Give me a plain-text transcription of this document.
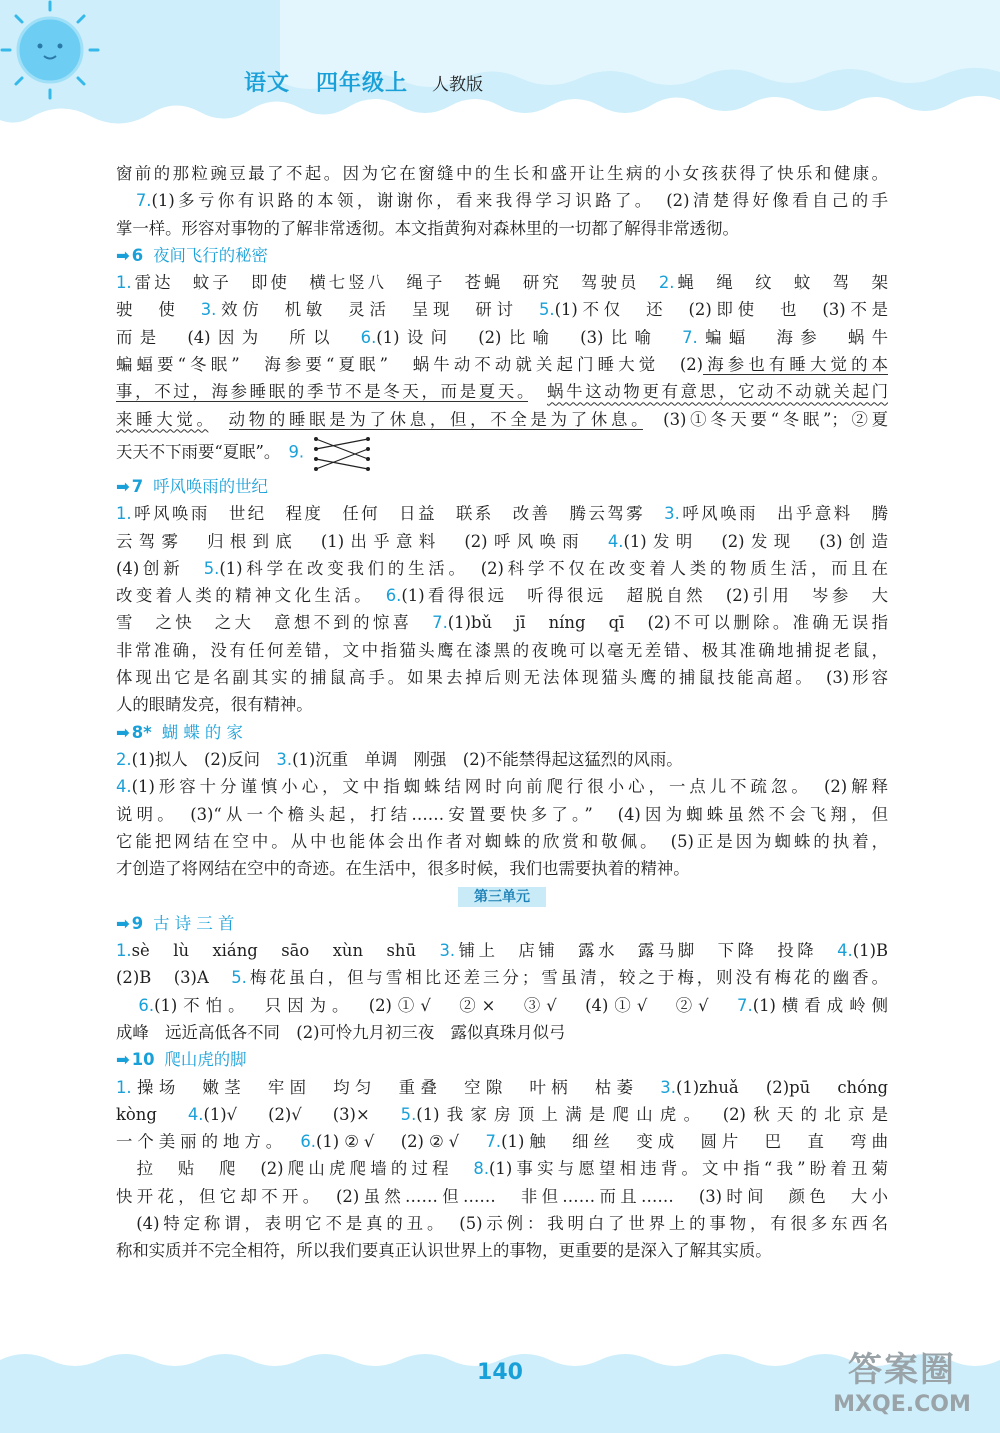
语文 四年级上 人教版

窗前的那粒豌豆最了不起。因为它在窗缝中的生长和盛开让生病的小女孩获得了快乐和健康。

　7.(1)多亏你有识路的本领，谢谢你，看来我得学习识路了。　(2)清楚得好像看自己的手

掌一样。形容对事物的了解非常透彻。本文指黄狗对森林里的一切都了解得非常透彻。

➡ 6 夜间飞行的秘密

1.雷达　蚊子　即使　横七竖八　绳子　苍蝇　研究　驾驶员　 2.蝇　绳　纹　蚊　驾　架

驶　使　 3.效仿　机敏　灵活　呈现　研讨　 5.(1)不仅　还　(2)即使　也　(3)不是

而是　(4)因为　所以　 6.(1)设问　(2)比喻　(3)比喻　 7.蝙蝠　海参　蜗牛

蝙蝠要“冬眠”　海参要“夏眠”　蜗牛动不动就关起门睡大觉　(2)海参也有睡大觉的本

事，不过，海参睡眠的季节不是冬天，而是夏天。　 蜗牛这动物更有意思，它动不动就关起门

来睡大觉。　 动物的睡眠是为了休息，但，不全是为了休息。　 (3)①冬天要“冬眠”；②夏

天天不下雨要“夏眠”。　 9.

➡ 7 呼风唤雨的世纪

1.呼风唤雨　世纪　程度　任何　日益　联系　改善　腾云驾雾　 3.呼风唤雨　出乎意料　腾

云驾雾　归根到底　(1)出乎意料　(2)呼风唤雨　 4.(1)发明　(2)发现　(3)创造

(4)创新　 5.(1)科学在改变我们的生活。　(2)科学不仅在改变着人类的物质生活，而且在

改变着人类的精神文化生活。　 6.(1)看得很远　听得很远　超脱自然　(2)引用　岑参　大

雪　之快　之大　意想不到的惊喜　 7.(1)bǔ　jī　níng　qī　(2)不可以删除。准确无误指

非常准确，没有任何差错，文中指猫头鹰在漆黑的夜晚可以毫无差错、极其准确地捕捉老鼠，

体现出它是名副其实的捕鼠高手。如果去掉后则无法体现猫头鹰的捕鼠技能高超。　(3)形容

人的眼睛发亮，很有精神。

➡ 8* 蝴 蝶 的 家

2.(1)拟人　(2)反问　 3.(1)沉重　单调　刚强　(2)不能禁得起这猛烈的风雨。

4.(1)形容十分谨慎小心，文中指蜘蛛结网时向前爬行很小心，一点儿不疏忽。　(2)解释

说明。　(3)“从一个檐头起，打结……安置要快多了。”　(4)因为蜘蛛虽然不会飞翔，但

它能把网结在空中。从中也能体会出作者对蜘蛛的欣赏和敬佩。　(5)正是因为蜘蛛的执着，

才创造了将网结在空中的奇迹。在生活中，很多时候，我们也需要执着的精神。

第三单元
➡ 9 古 诗 三 首

1.sè　lù　xiáng　sāo　xùn　shū　 3.铺上　店铺　露水　露马脚　下降　投降　 4.(1)B

(2)B　(3)A　 5.梅花虽白，但与雪相比还差三分；雪虽清，较之于梅，则没有梅花的幽香。

　6.(1)不怕。　只因为。　(2)①√　②×　③√　(4)①√　②√　 7.(1)横看成岭侧

成峰　远近高低各不同　(2)可怜九月初三夜　露似真珠月似弓

➡ 10 爬山虎的脚

1.操场　嫩茎　牢固　均匀　重叠　空隙　叶柄　枯萎　 3.(1)zhuǎ　(2)pū　chóng

kòng　 4.(1)√　(2)√　(3)×　 5.(1)我家房顶上满是爬山虎。　(2)秋天的北京是

一个美丽的地方。　 6.(1)②√　(2)②√　 7.(1)触　细丝　变成　圆片　巴　直　弯曲

　拉　贴　爬　(2)爬山虎爬墙的过程　 8.(1)事实与愿望相违背。文中指“我”盼着丑菊

快开花，但它却不开。　(2)虽然……但……　非但……而且……　(3)时间　颜色　大小

　(4)特定称谓，表明它不是真的丑。　(5)示例：我明白了世界上的事物，有很多东西名

称和实质并不完全相符，所以我们要真正认识世界上的事物，更重要的是深入了解其实质。

140	答案圈
MXQE.COM
